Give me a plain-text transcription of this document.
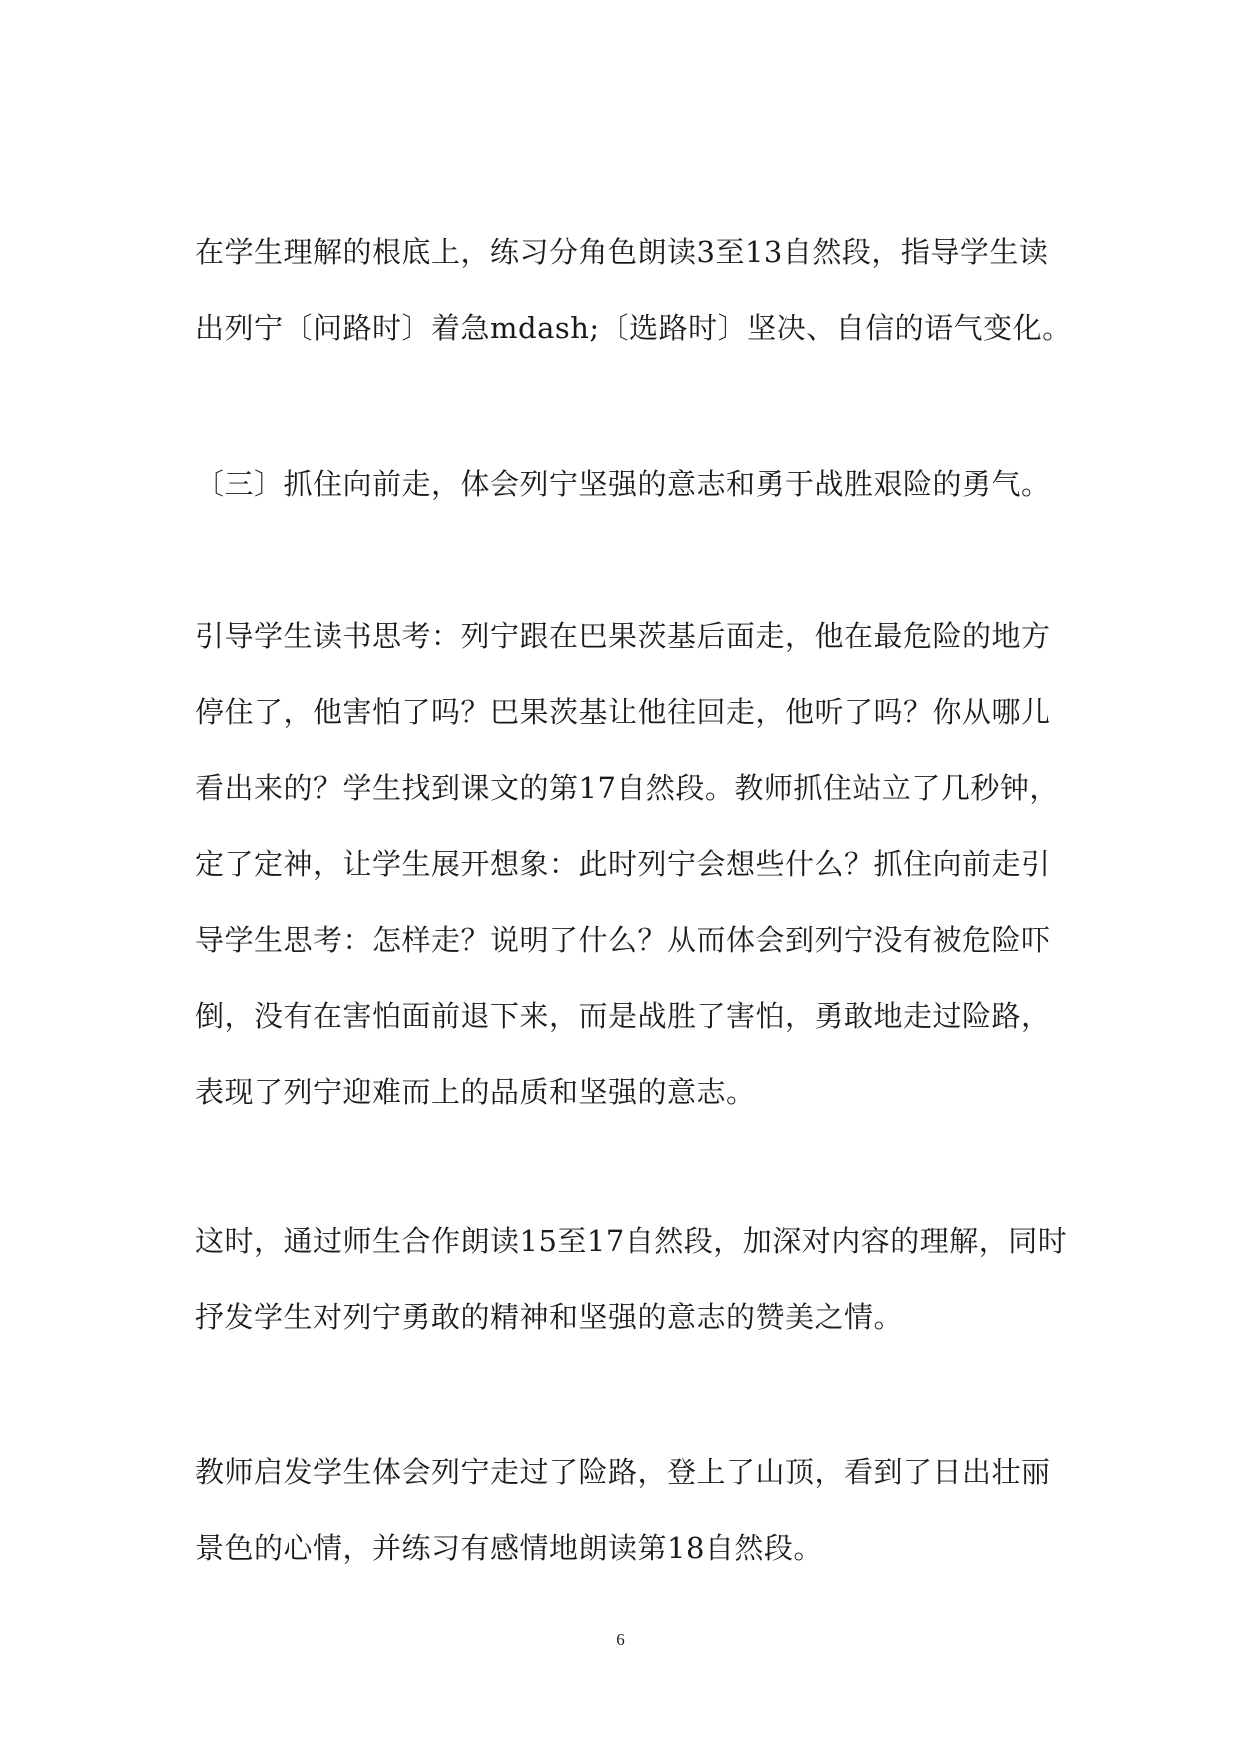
在学生理解的根底上，练习分角色朗读3至13自然段，指导学生读
出列宁〔问路时〕着急mdash;〔选路时〕坚决、自信的语气变化。
〔三〕抓住向前走，体会列宁坚强的意志和勇于战胜艰险的勇气。
引导学生读书思考：列宁跟在巴果茨基后面走，他在最危险的地方
停住了，他害怕了吗？巴果茨基让他往回走，他听了吗？你从哪儿
看出来的？学生找到课文的第17自然段。教师抓住站立了几秒钟，
定了定神，让学生展开想象：此时列宁会想些什么？抓住向前走引
导学生思考：怎样走？说明了什么？从而体会到列宁没有被危险吓
倒，没有在害怕面前退下来，而是战胜了害怕，勇敢地走过险路，
表现了列宁迎难而上的品质和坚强的意志。
这时，通过师生合作朗读15至17自然段，加深对内容的理解，同时
抒发学生对列宁勇敢的精神和坚强的意志的赞美之情。
教师启发学生体会列宁走过了险路，登上了山顶，看到了日出壮丽
景色的心情，并练习有感情地朗读第18自然段。
6
